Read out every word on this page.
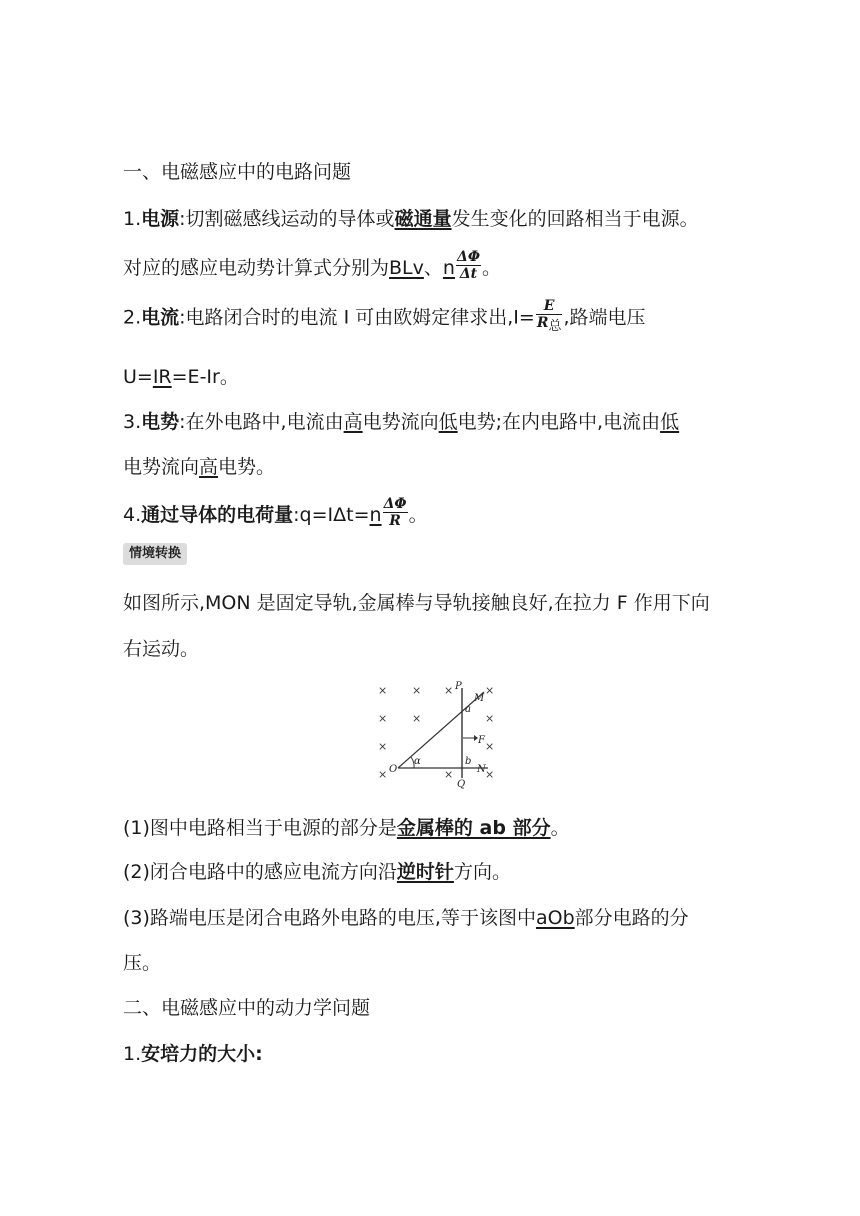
一、电磁感应中的电路问题
1.电源:切割磁感线运动的导体或磁通量发生变化的回路相当于电源。
对应的感应电动势计算式分别为BLv、n $\frac{\Delta\Phi}{\Delta t}$ 。
2.电流:电路闭合时的电流 I 可由欧姆定律求出$,I= \frac{E}{\text{R总}}$ ,路端电压
U=IR=E-Ir。
3.电势:在外电路中,电流由高电势流向低电势;在内电路中,电流由低
电势流向高电势。
4.通过导体的电荷量:q=IΔt=n $\frac{\Delta\Phi}{R}$ 。
情境转换
如图所示,MON 是固定导轨,金属棒与导轨接触良好,在拉力 F 作用下向
右运动。
× × ×	×
× ×	×
×	×
×	×	×
P
M
a
F
b
N
O
Q
α
(1)图中电路相当于电源的部分是金属棒的 ab 部分。
(2)闭合电路中的感应电流方向沿逆时针方向。
(3)路端电压是闭合电路外电路的电压,等于该图中aOb部分电路的分
压。
二、电磁感应中的动力学问题
1.安培力的大小:
